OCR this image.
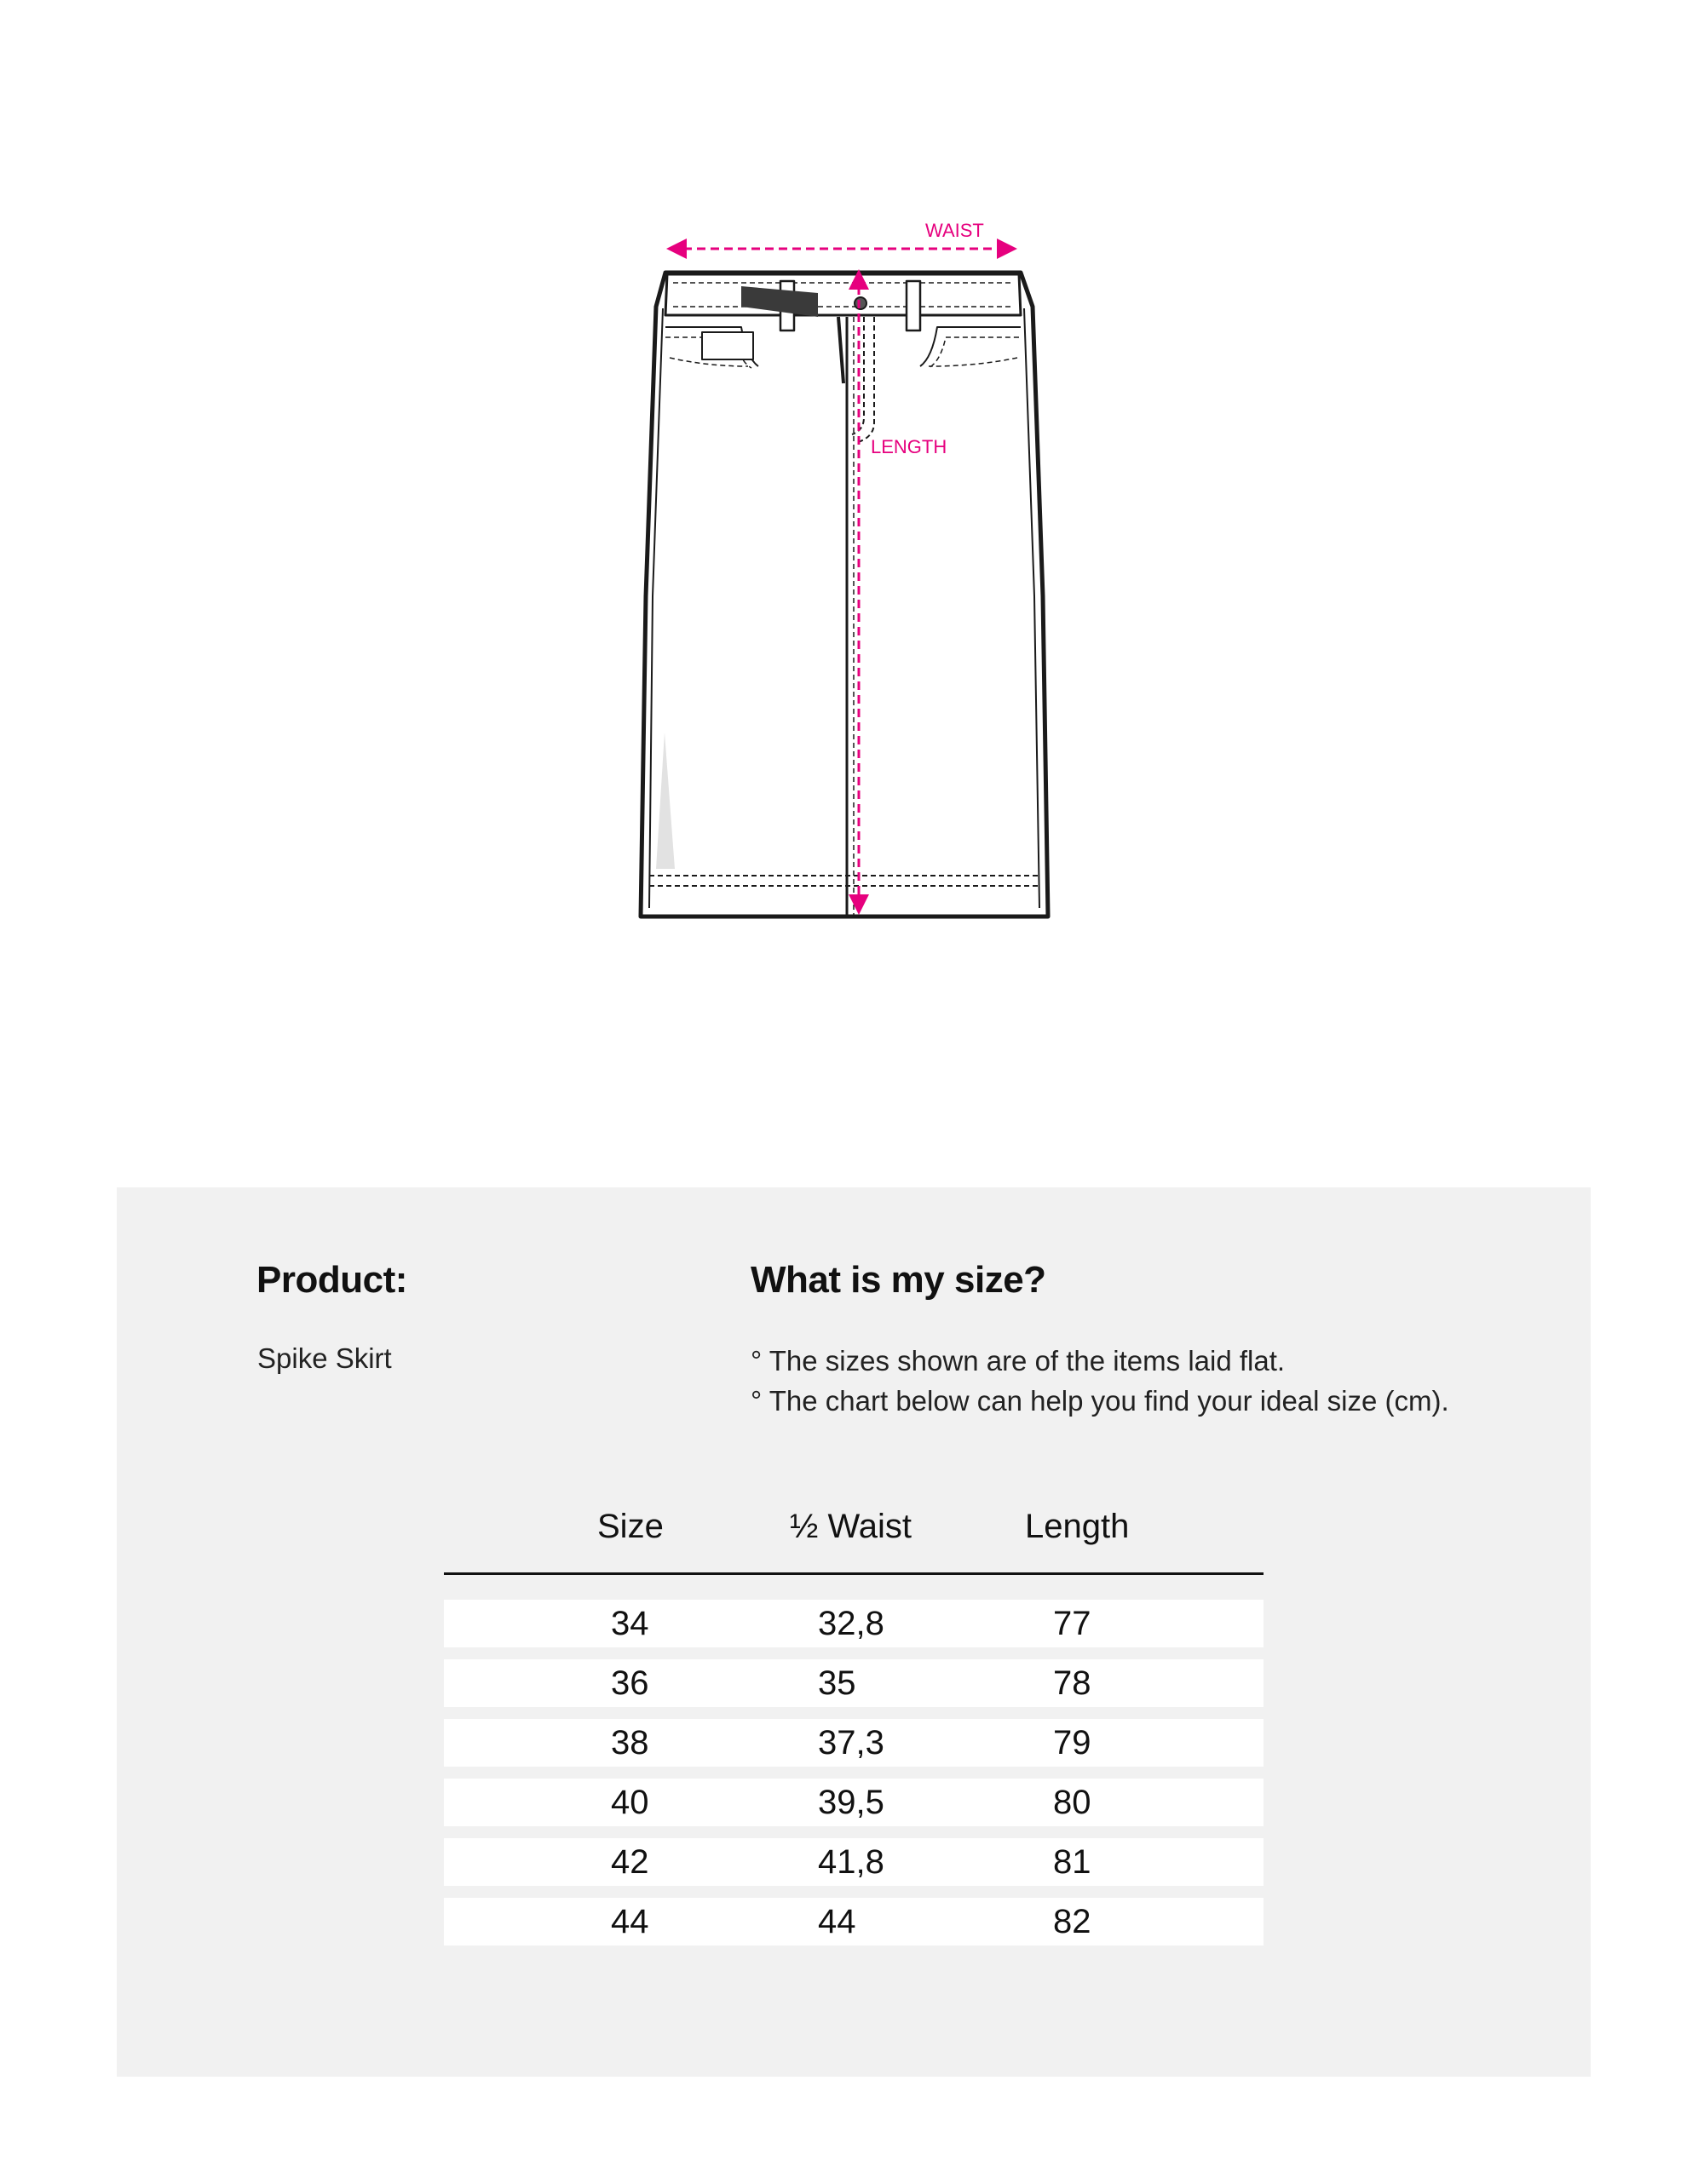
WAIST
LENGTH
Product:
Spike Skirt
What is my size?
° The sizes shown are of the items laid flat.
° The chart below can help you find your ideal size (cm).
Size	½ Waist	Length
34	32,8	77
36	35	78
38	37,3	79
40	39,5	80
42	41,8	81
44	44	82
